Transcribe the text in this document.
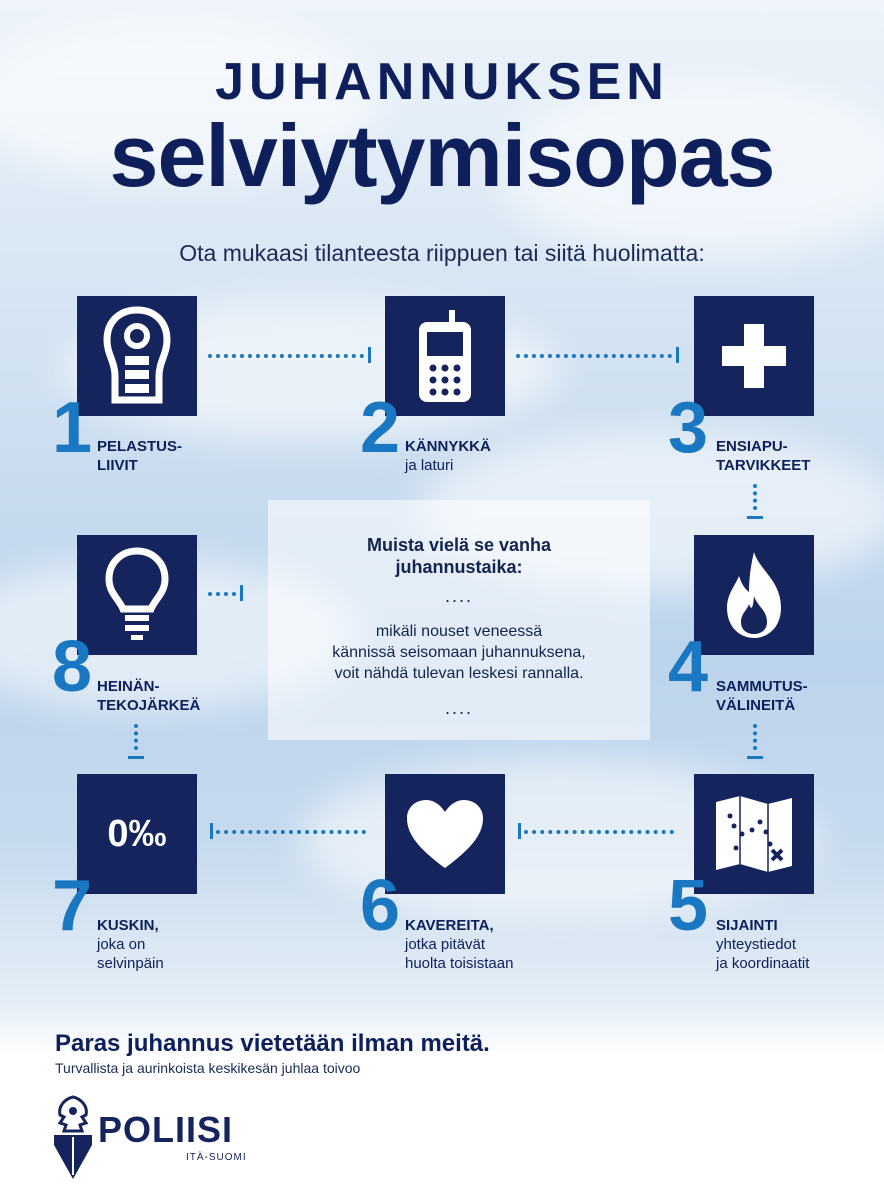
JUHANNUKSEN
selviytymisopas
Ota mukaasi tilanteesta riippuen tai siitä huolimatta:
1 PELASTUS-
LIIVIT	2 KÄNNYKKÄ
ja laturi	3 ENSIAPU-
TARVIKKEET
4 SAMMUTUS-
VÄLINEITÄ
5 SIJAINTI
yhteystiedot
ja koordinaatit
6 KAVEREITA,
jotka pitävät
huolta toisistaan
0‰
7 KUSKIN,
joka on
selvinpäin
8 HEINÄN-
TEKOJÄRKEÄ
Muista vielä se vanha
juhannustaika:
....
mikäli nouset veneessä
kännissä seisomaan juhannuksena,
voit nähdä tulevan leskesi rannalla.
....
Paras juhannus vietetään ilman meitä.
Turvallista ja aurinkoista keskikesän juhlaa toivoo
POLIISI
ITÄ-SUOMI
